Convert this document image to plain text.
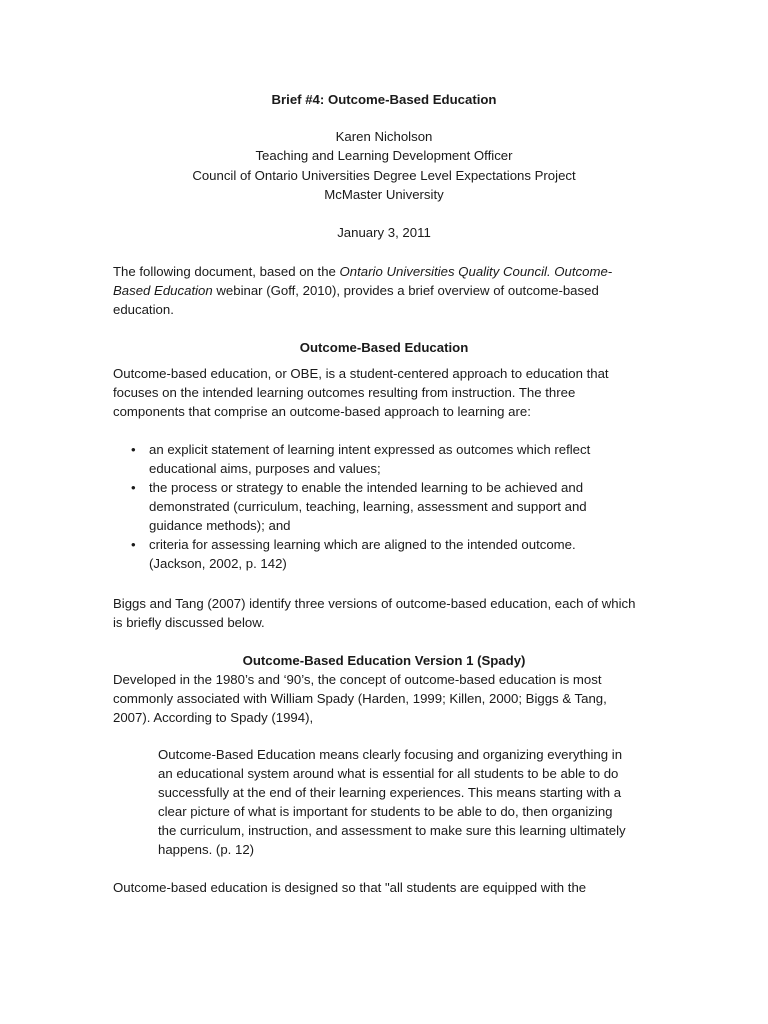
Brief #4: Outcome-Based Education

Karen Nicholson

Teaching and Learning Development Officer

Council of Ontario Universities Degree Level Expectations Project

McMaster University

January 3, 2011

The following document, based on the Ontario Universities Quality Council. Outcome-Based Education webinar (Goff, 2010), provides a brief overview of outcome-based education.

Outcome-Based Education

Outcome-based education, or OBE, is a student-centered approach to education that focuses on the intended learning outcomes resulting from instruction. The three components that comprise an outcome-based approach to learning are:

• an explicit statement of learning intent expressed as outcomes which reflect educational aims, purposes and values;
• the process or strategy to enable the intended learning to be achieved and demonstrated (curriculum, teaching, learning, assessment and support and guidance methods); and
• criteria for assessing learning which are aligned to the intended outcome.
(Jackson, 2002, p. 142)

Biggs and Tang (2007) identify three versions of outcome-based education, each of which is briefly discussed below.

Outcome-Based Education Version 1 (Spady)

Developed in the 1980’s and ‘90’s, the concept of outcome-based education is most commonly associated with William Spady (Harden, 1999; Killen, 2000; Biggs & Tang, 2007). According to Spady (1994),

Outcome-Based Education means clearly focusing and organizing everything in an educational system around what is essential for all students to be able to do successfully at the end of their learning experiences. This means starting with a clear picture of what is important for students to be able to do, then organizing the curriculum, instruction, and assessment to make sure this learning ultimately happens. (p. 12)

Outcome-based education is designed so that "all students are equipped with the
